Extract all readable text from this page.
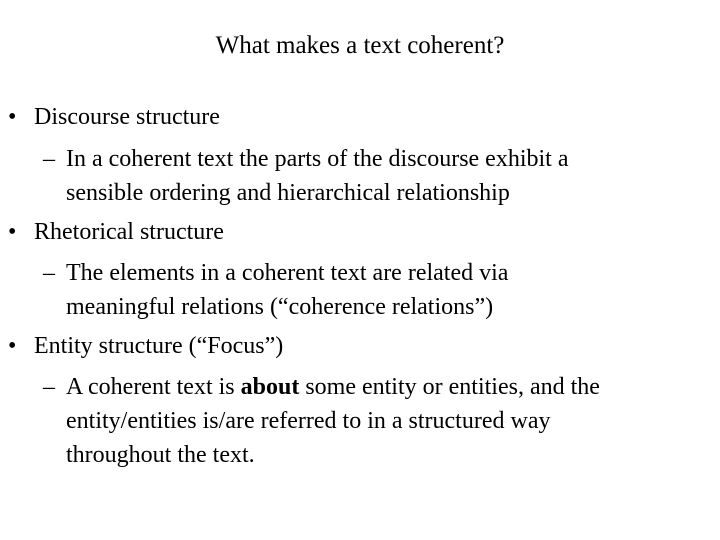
What makes a text coherent?
• Discourse structure
– In a coherent text the parts of the discourse exhibit a
sensible ordering and hierarchical relationship
• Rhetorical structure
– The elements in a coherent text are related via
meaningful relations (“coherence relations”)
• Entity structure (“Focus”)
– A coherent text is about some entity or entities, and the
entity/entities is/are referred to in a structured way
throughout the text.
